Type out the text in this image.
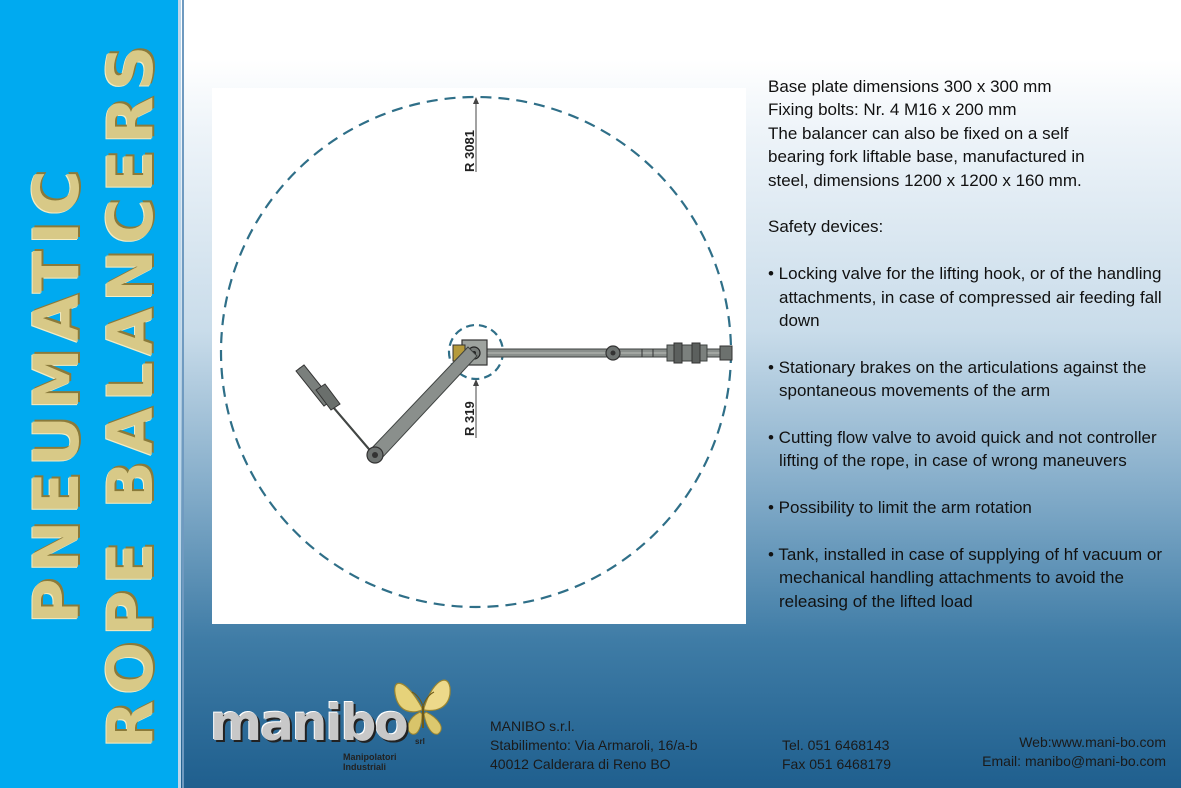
PNEUMATIC ROPE BALANCERS	R 3081
R 319

Base plate dimensions 300 x 300 mm

Fixing bolts: Nr. 4 M16 x 200 mm

The balancer can also be fixed on a self

bearing fork liftable base, manufactured in

steel, dimensions 1200 x 1200 x 160 mm.

Safety devices:

• Locking valve for the lifting hook, or of the handling attachments, in case of compressed air feeding fall down

• Stationary brakes on the articulations against the spontaneous movements of the arm

• Cutting flow valve to avoid quick and not controller lifting of the rope, in case of wrong maneuvers

• Possibility to limit the arm rotation

• Tank, installed in case of supplying of hf vacuum or mechanical handling attachments to avoid the releasing of the lifted load

manibo srl
Manipolatori
Industriali
MANIBO s.r.l.
Stabilimento: Via Armaroli, 16/a-b
40012 Calderara di Reno BO
Tel. 051 6468143
Fax 051 6468179
Web:www.mani-bo.com
Email: manibo@mani-bo.com
